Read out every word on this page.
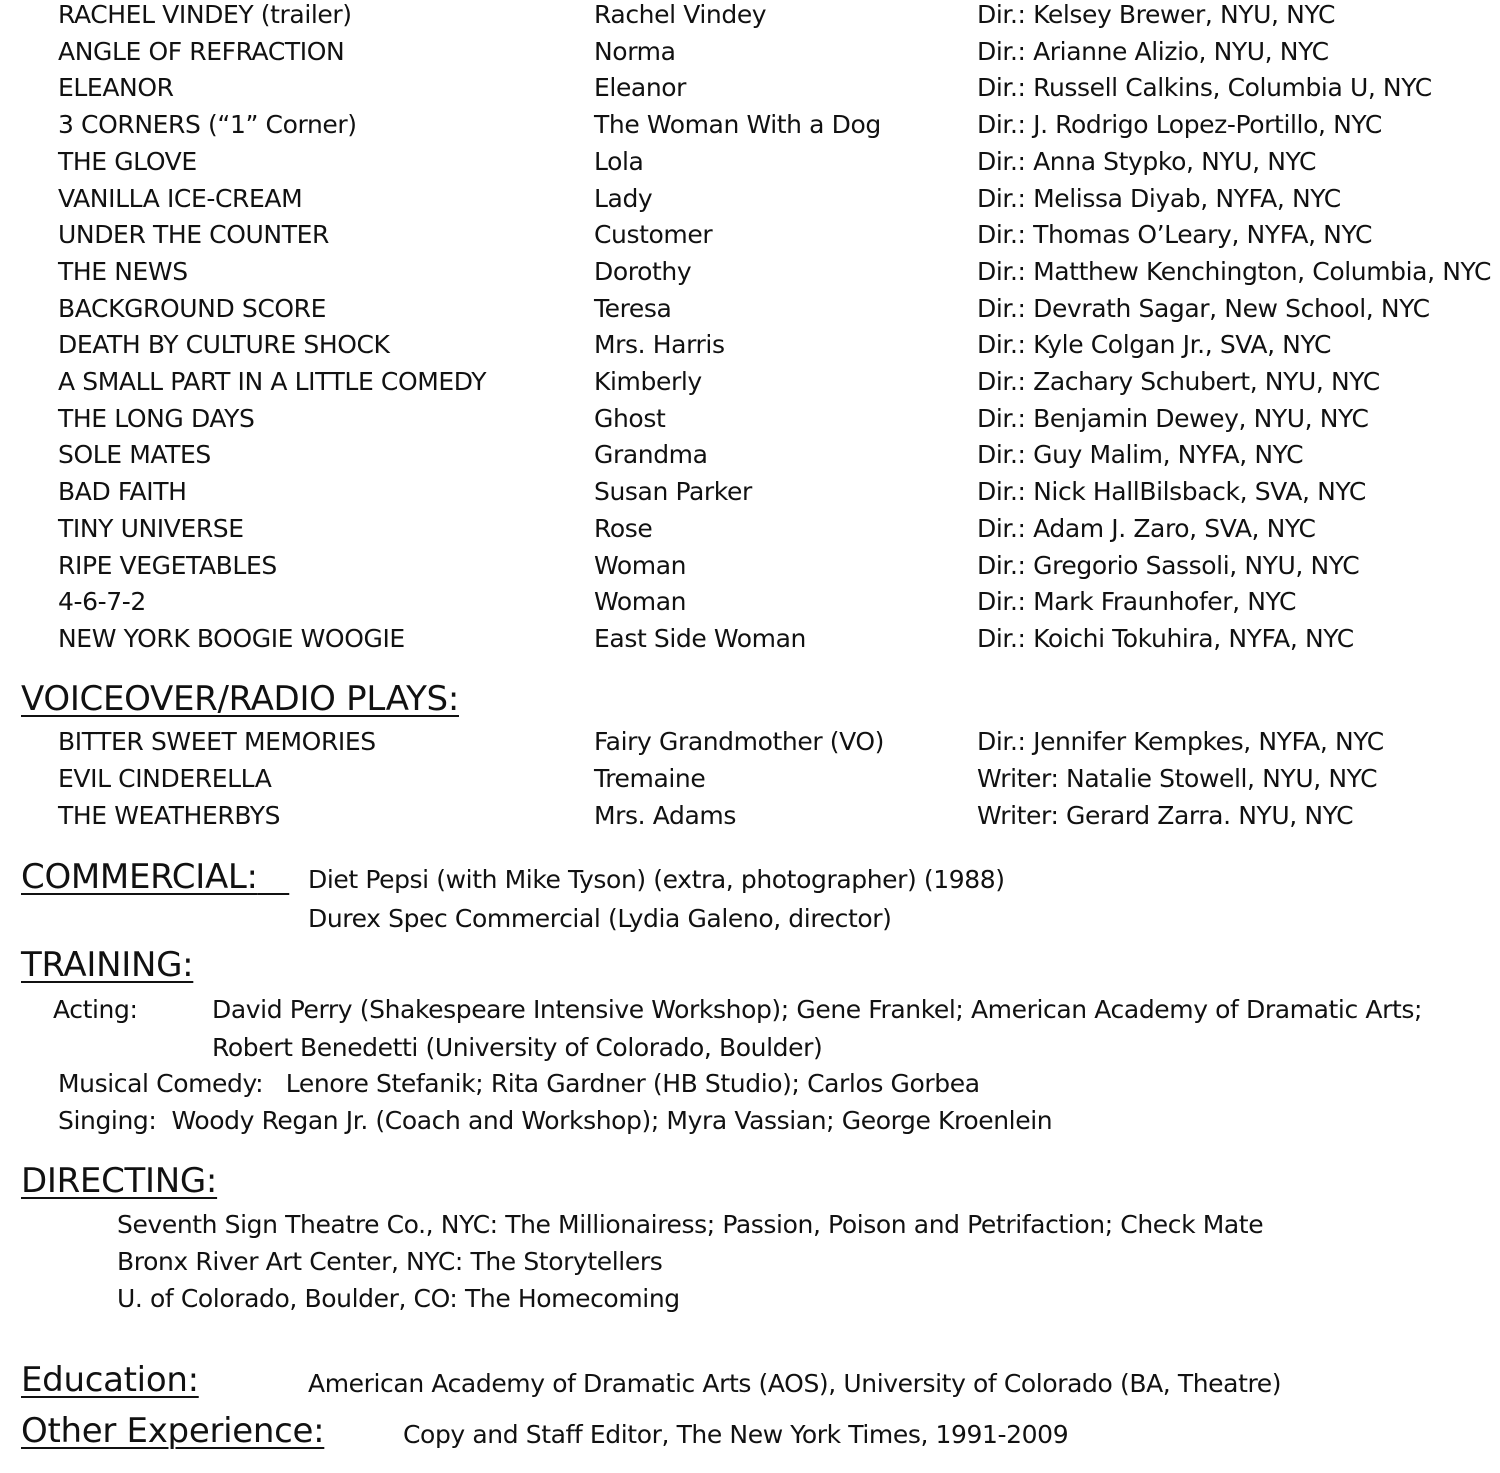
RACHEL VINDEY (trailer)	Rachel Vindey	Dir.: Kelsey Brewer, NYU, NYC
ANGLE OF REFRACTION	Norma	Dir.: Arianne Alizio, NYU, NYC
ELEANOR	Eleanor	Dir.: Russell Calkins, Columbia U, NYC
3 CORNERS (“1” Corner)	The Woman With a Dog	Dir.: J. Rodrigo Lopez-Portillo, NYC
THE GLOVE	Lola	Dir.: Anna Stypko, NYU, NYC
VANILLA ICE-CREAM	Lady	Dir.: Melissa Diyab, NYFA, NYC
UNDER THE COUNTER	Customer	Dir.: Thomas O’Leary, NYFA, NYC
THE NEWS	Dorothy	Dir.: Matthew Kenchington, Columbia, NYC
BACKGROUND SCORE	Teresa	Dir.: Devrath Sagar, New School, NYC
DEATH BY CULTURE SHOCK	Mrs. Harris	Dir.: Kyle Colgan Jr., SVA, NYC
A SMALL PART IN A LITTLE COMEDY	Kimberly	Dir.: Zachary Schubert, NYU, NYC
THE LONG DAYS	Ghost	Dir.: Benjamin Dewey, NYU, NYC
SOLE MATES	Grandma	Dir.: Guy Malim, NYFA, NYC
BAD FAITH	Susan Parker	Dir.: Nick HallBilsback, SVA, NYC
TINY UNIVERSE	Rose	Dir.: Adam J. Zaro, SVA, NYC
RIPE VEGETABLES	Woman	Dir.: Gregorio Sassoli, NYU, NYC
4-6-7-2	Woman	Dir.: Mark Fraunhofer, NYC
NEW YORK BOOGIE WOOGIE	East Side Woman	Dir.: Koichi Tokuhira, NYFA, NYC
VOICEOVER/RADIO PLAYS:
BITTER SWEET MEMORIES	Fairy Grandmother (VO)	Dir.: Jennifer Kempkes, NYFA, NYC
EVIL CINDERELLA	Tremaine	Writer: Natalie Stowell, NYU, NYC
THE WEATHERBYS	Mrs. Adams	Writer: Gerard Zarra. NYU, NYC
COMMERCIAL:	Diet Pepsi (with Mike Tyson) (extra, photographer) (1988)
Durex Spec Commercial (Lydia Galeno, director)
TRAINING:
Acting:	David Perry (Shakespeare Intensive Workshop); Gene Frankel; American Academy of Dramatic Arts;
Robert Benedetti (University of Colorado, Boulder)
Musical Comedy: Lenore Stefanik; Rita Gardner (HB Studio); Carlos Gorbea
Singing: Woody Regan Jr. (Coach and Workshop); Myra Vassian; George Kroenlein
DIRECTING:
Seventh Sign Theatre Co., NYC: The Millionairess; Passion, Poison and Petrifaction; Check Mate
Bronx River Art Center, NYC: The Storytellers
U. of Colorado, Boulder, CO: The Homecoming
Education:	American Academy of Dramatic Arts (AOS), University of Colorado (BA, Theatre)
Other Experience:	Copy and Staff Editor, The New York Times, 1991-2009
